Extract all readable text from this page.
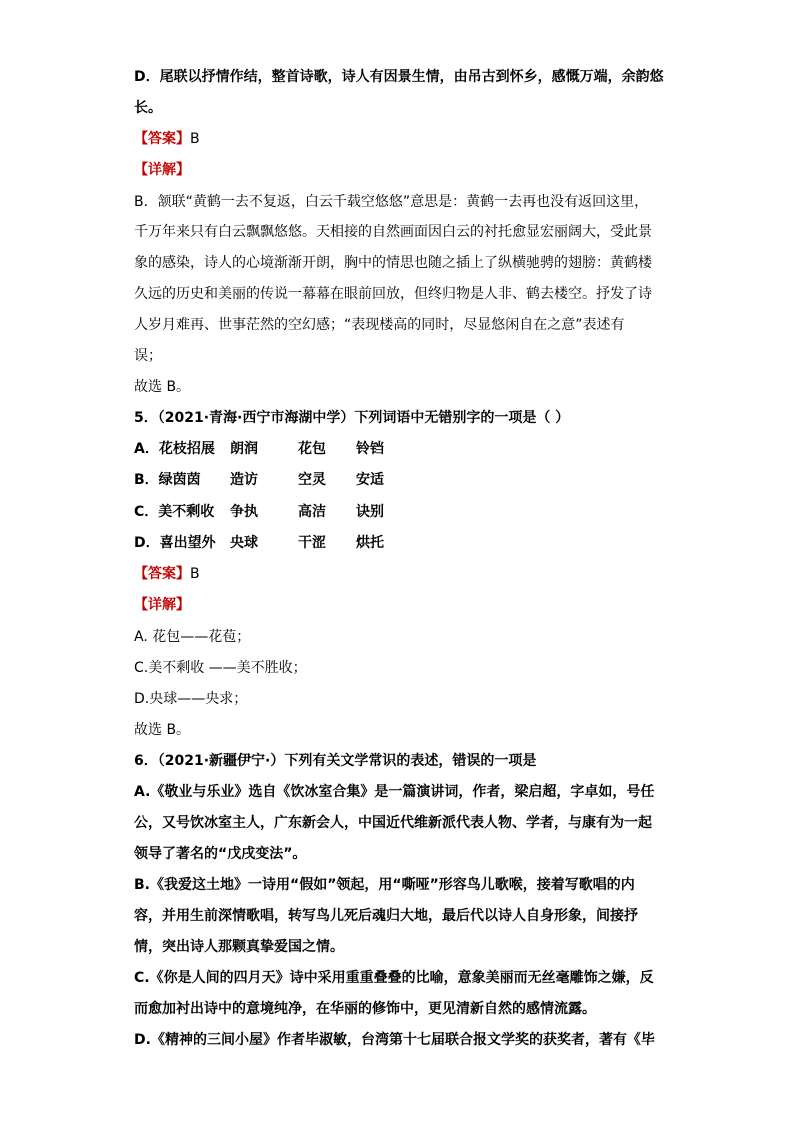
D．尾联以抒情作结，整首诗歌，诗人有因景生情，由吊古到怀乡，感慨万端，余韵悠
长。
【答案】B
【详解】
B．颔联“黄鹤一去不复返，白云千载空悠悠”意思是：黄鹤一去再也没有返回这里，
千万年来只有白云飘飘悠悠。天相接的自然画面因白云的衬托愈显宏丽阔大，受此景
象的感染，诗人的心境渐渐开朗，胸中的情思也随之插上了纵横驰骋的翅膀：黄鹤楼
久远的历史和美丽的传说一幕幕在眼前回放，但终归物是人非、鹤去楼空。抒发了诗
人岁月难再、世事茫然的空幻感；“表现楼高的同时，尽显悠闲自在之意”表述有
误；
故选 B。
5．（2021·青海·西宁市海湖中学）下列词语中无错别字的一项是（ ）
A．花枝招展 朗润	花包 铃铛
B．绿茵茵 造访	空灵 安适
C．美不剩收 争执	高洁 诀别
D．喜出望外 央球	干涩 烘托
【答案】B
【详解】
A. 花包——花苞；
C.美不剩收 ——美不胜收；
D.央球——央求；
故选 B。
6．（2021·新疆伊宁·）下列有关文学常识的表述，错误的一项是
A.《敬业与乐业》选自《饮冰室合集》是一篇演讲词，作者，梁启超，字卓如，号任
公，又号饮冰室主人，广东新会人，中国近代维新派代表人物、学者，与康有为一起
领导了著名的“戊戌变法”。
B.《我爱这土地》一诗用“假如”领起，用“嘶哑”形容鸟儿歌喉，接着写歌唱的内
容，并用生前深情歌唱，转写鸟儿死后魂归大地，最后代以诗人自身形象，间接抒
情，突出诗人那颗真挚爱国之情。
C.《你是人间的四月天》诗中采用重重叠叠的比喻，意象美丽而无丝毫雕饰之嫌，反
而愈加衬出诗中的意境纯净，在华丽的修饰中，更见清新自然的感情流露。
D.《精神的三间小屋》作者毕淑敏，台湾第十七届联合报文学奖的获奖者，著有《毕
